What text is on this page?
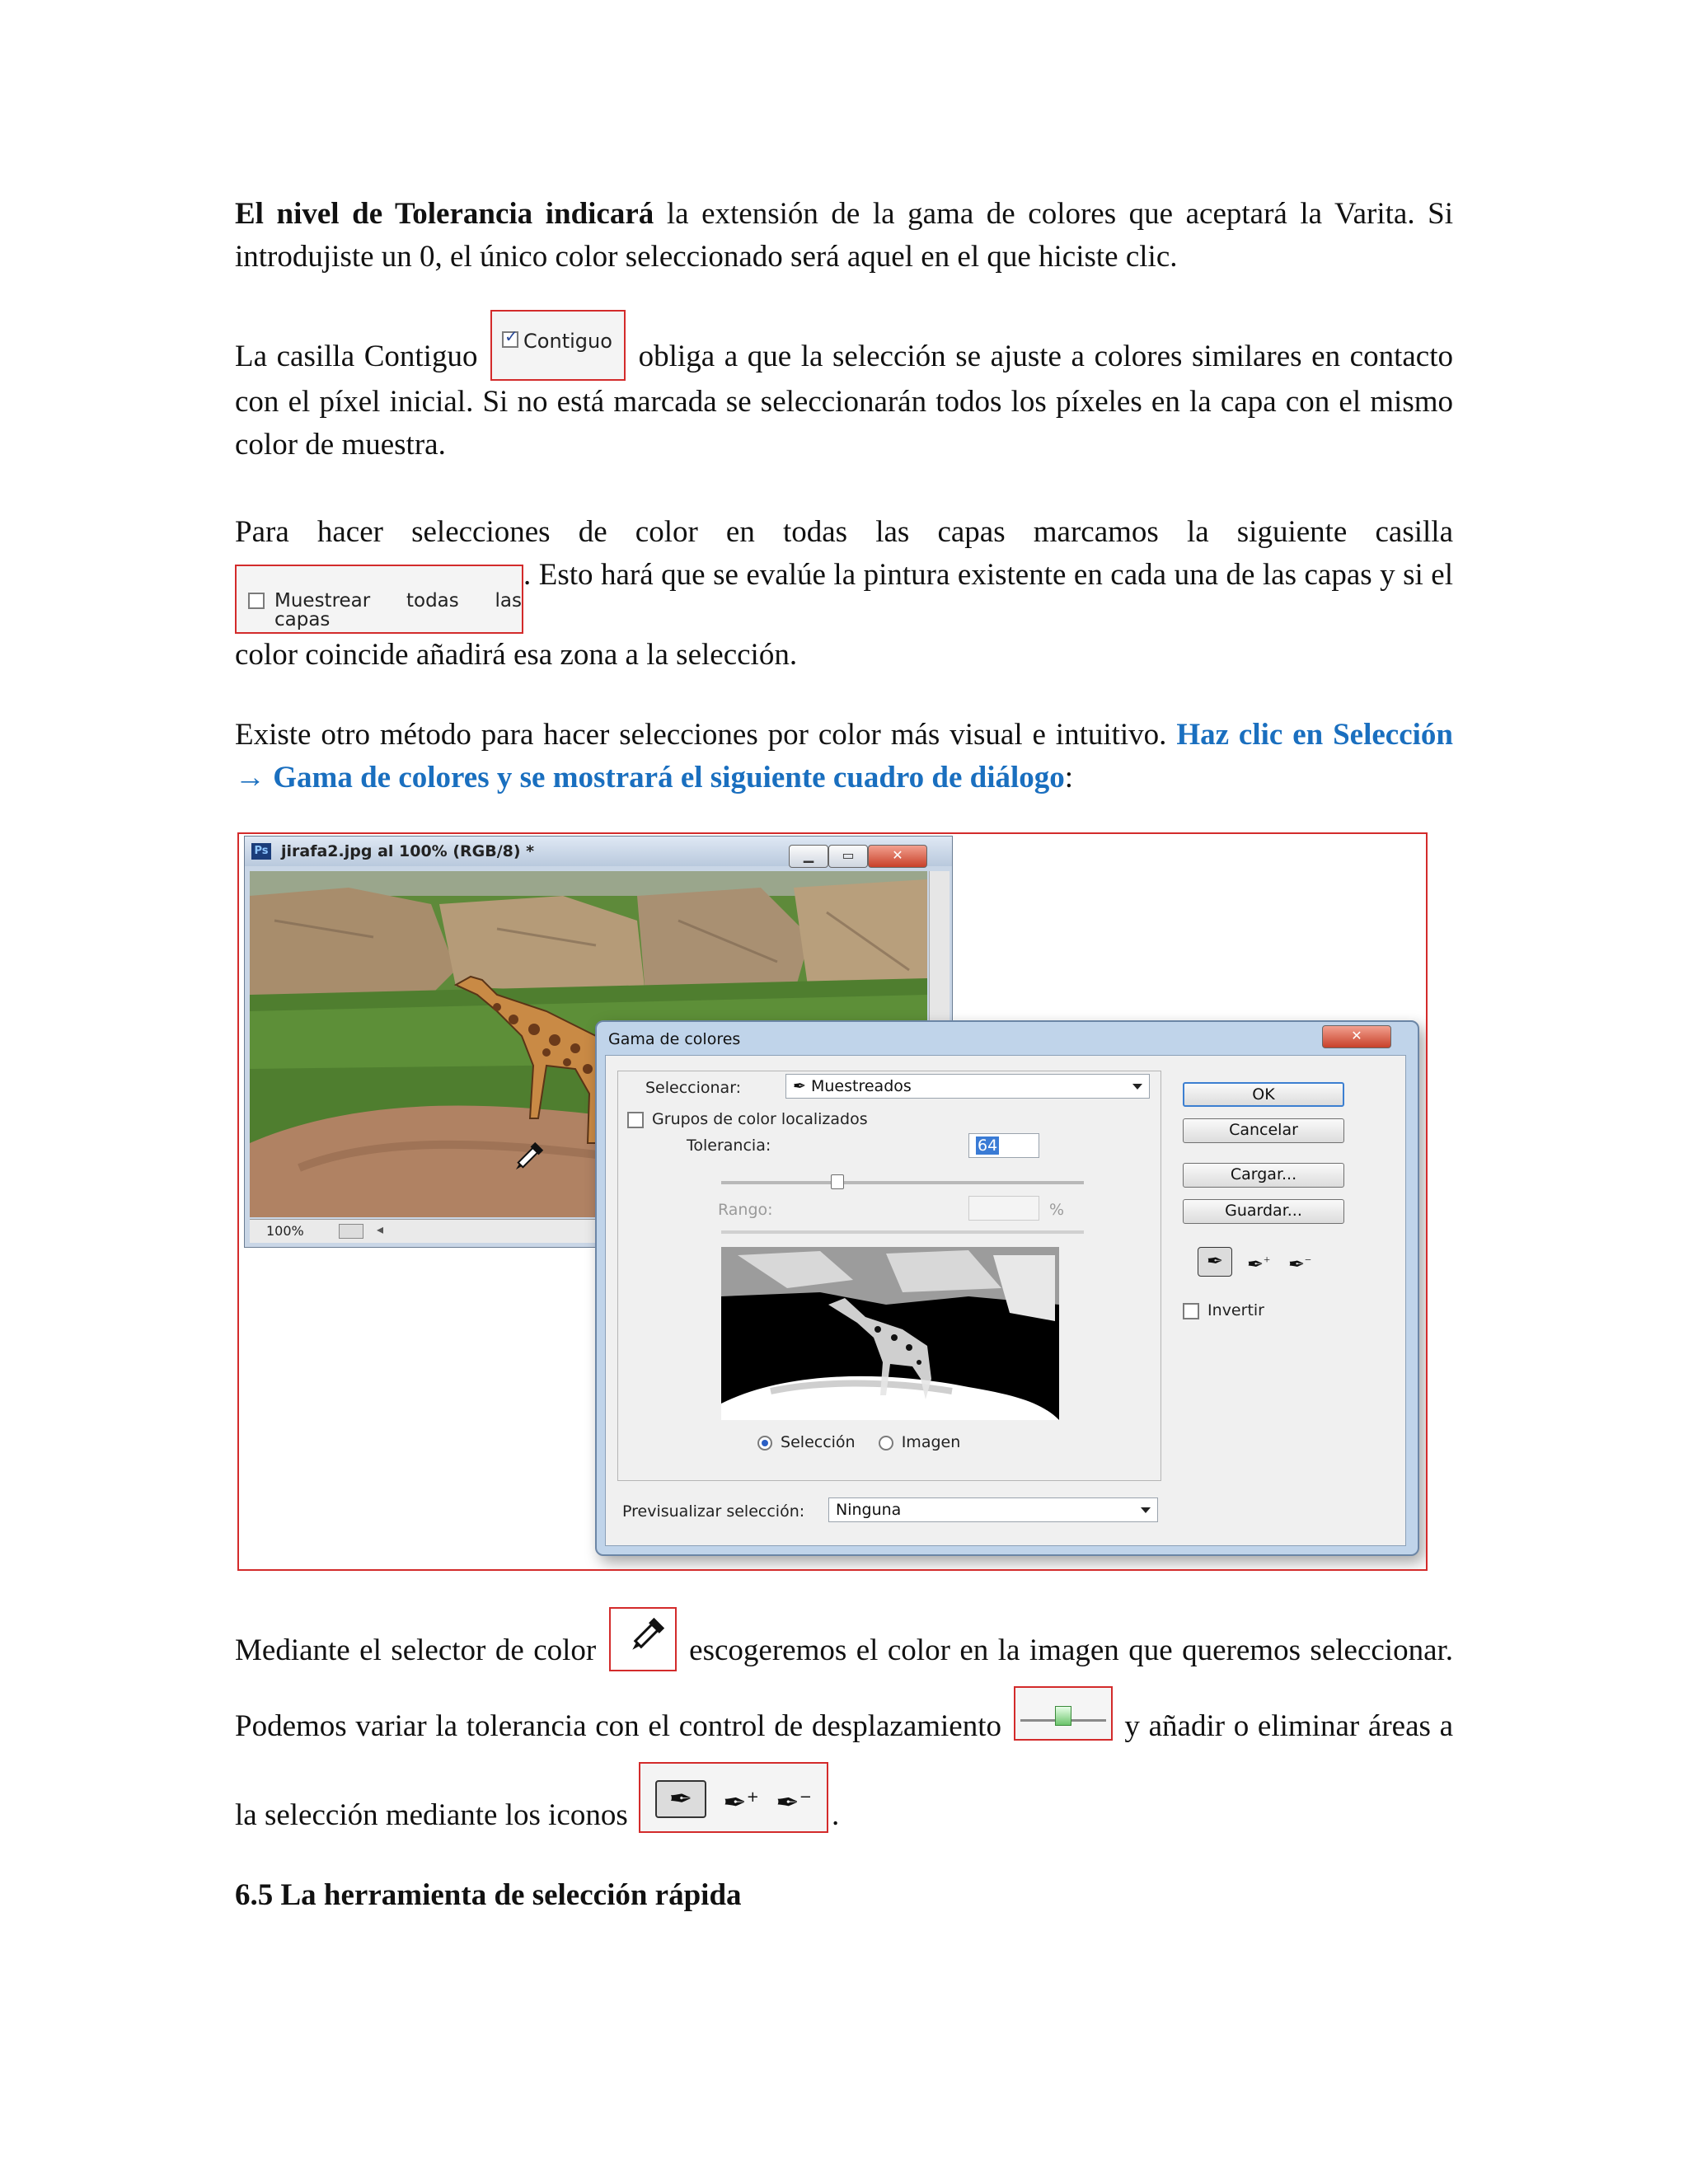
El nivel de Tolerancia indicará la extensión de la gama de colores que aceptará la Varita. Si introdujiste un 0, el único color seleccionado será aquel en el que hiciste clic.
La casilla Contiguo
✓ Contiguo obliga a que la selección se ajuste a colores similares en contacto con el píxel inicial. Si no está marcada se seleccionarán todos los píxeles en la capa con el mismo color de muestra.
Para hacer selecciones de color en todas las capas marcamos la siguiente casilla
Muestrear todas las capas
. Esto hará que se evalúe la pintura existente en cada una de las capas y si el color coincide añadirá esa zona a la selección.
Existe otro método para hacer selecciones por color más visual e intuitivo. Haz clic en Selección → Gama de colores y se mostrará el siguiente cuadro de diálogo:
Ps jirafa2.jpg al 100% (RGB/8) *	▁	▭	✕
100%	◂
Gama de colores	✕
Seleccionar:	✒ Muestreados
Grupos de color localizados
Tolerancia:	64
Rango:	%
Selección	Imagen
Previsualizar selección:	Ninguna
OK
Cancelar
Cargar...
Guardar...
✒	✒+ ✒−
Invertir
Mediante el selector de color	escogeremos el color en la imagen que queremos seleccionar. Podemos variar la tolerancia con el control de desplazamiento	y añadir o eliminar áreas a la selección mediante los iconos	✒	✒+ ✒−
.
6.5 La herramienta de selección rápida
